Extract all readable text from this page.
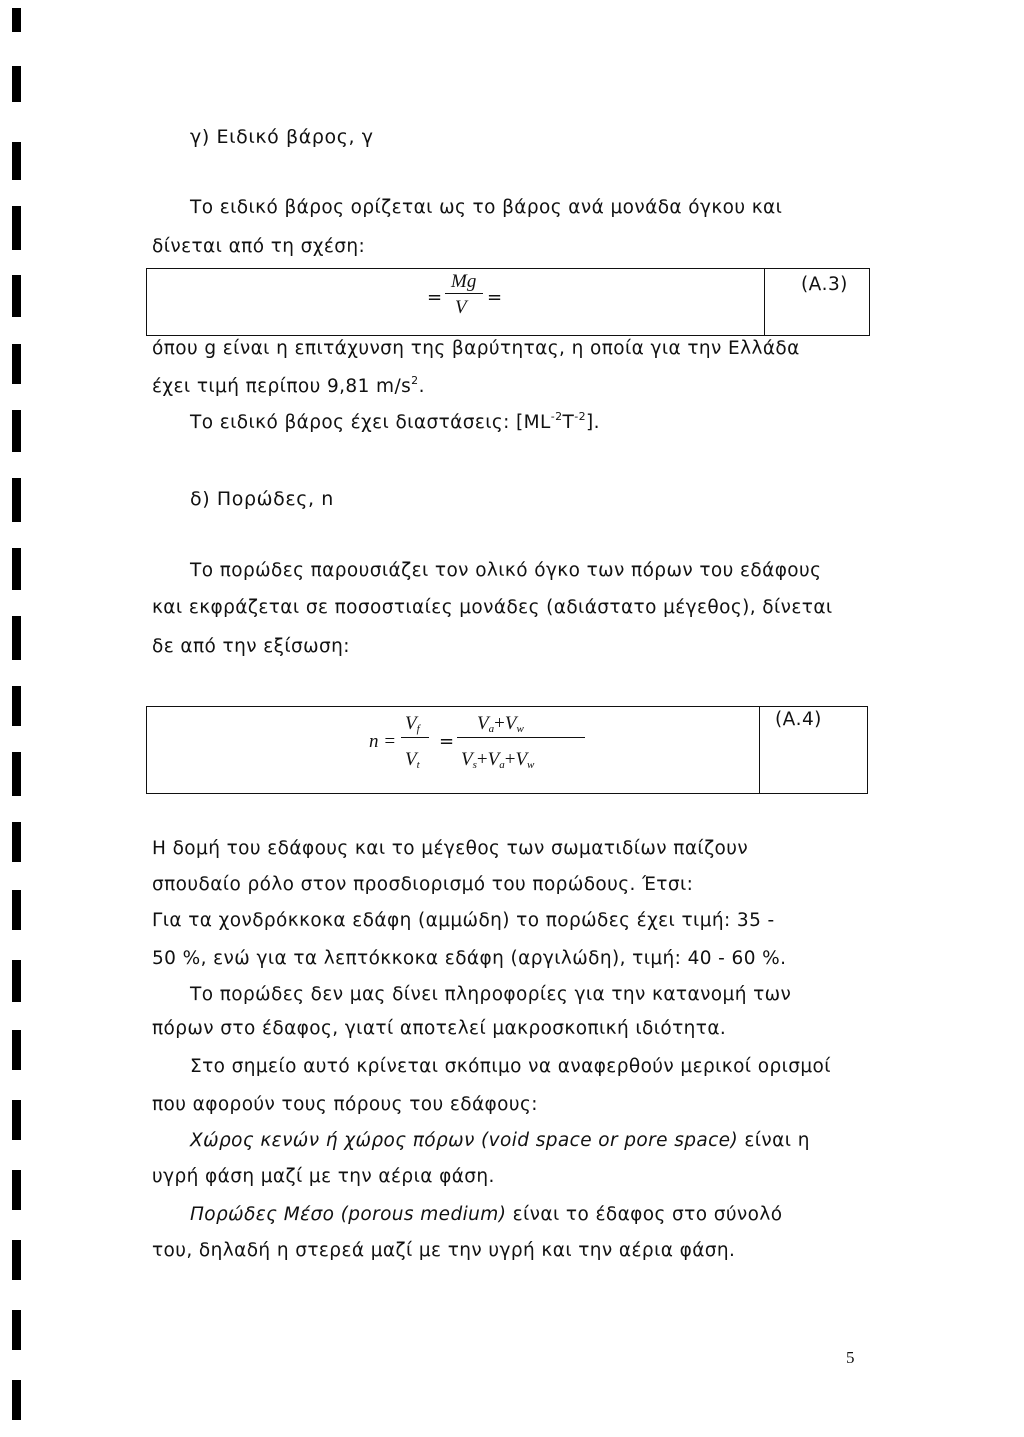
γ) Ειδικό βάρος, γ
Το ειδικό βάρος ορίζεται ως το βάρος ανά μονάδα όγκου και
δίνεται από τη σχέση:
=
Mg
V =
(Α.3)
όπου g είναι η επιτάχυνση της βαρύτητας, η οποία για την Ελλάδα
έχει τιμή περίπου 9,81 $m/s^2$.
Το ειδικό βάρος έχει διαστάσεις: $[ML^{-2}T^{-2}]$.
δ) Πορώδες, n
Το πορώδες παρουσιάζει τον ολικό όγκο των πόρων του εδάφους
και εκφράζεται σε ποσοστιαίες μονάδες (αδιάστατο μέγεθος), δίνεται
δε από την εξίσωση:
n =
$V_f$
$V_t$
=
$V_a+V_w$
$V_s+V_a+V_w$
(Α.4)
Η δομή του εδάφους και το μέγεθος των σωματιδίων παίζουν
σπουδαίο ρόλο στον προσδιορισμό του πορώδους. Έτσι:
Για τα χονδρόκκοκα εδάφη (αμμώδη) το πορώδες έχει τιμή: 35 -
50 %, ενώ για τα λεπτόκκοκα εδάφη (αργιλώδη), τιμή: 40 - 60 %.
Το πορώδες δεν μας δίνει πληροφορίες για την κατανομή των
πόρων στο έδαφος, γιατί αποτελεί μακροσκοπική ιδιότητα.
Στο σημείο αυτό κρίνεται σκόπιμο να αναφερθούν μερικοί ορισμοί
που αφορούν τους πόρους του εδάφους:
Χώρος κενών ή χώρος πόρων (void space or pore space) είναι η
υγρή φάση μαζί με την αέρια φάση.
Πορώδες Μέσο (porous medium) είναι το έδαφος στο σύνολό
του, δηλαδή η στερεά μαζί με την υγρή και την αέρια φάση.
5
